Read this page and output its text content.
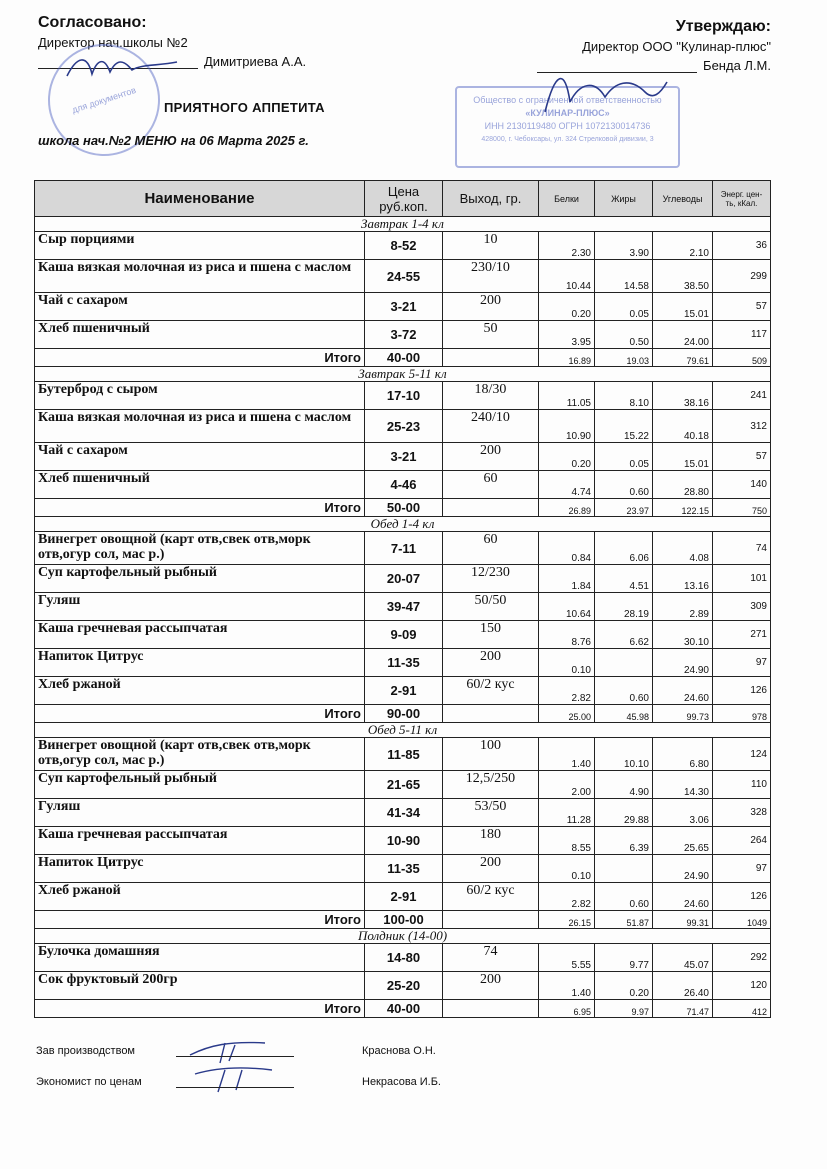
Согласовано:
Директор нач.школы №2
Димитриева А.А.
Утверждаю:
Директор ООО "Кулинар-плюс"
Бенда Л.М.
для документов	Общество с ограниченной ответственностью
«КУЛИНАР-ПЛЮС»
ИНН 2130119480 ОГРН 1072130014736
428000, г. Чебоксары, ул. 324 Стрелковой дивизии, 3
ПРИЯТНОГО АППЕТИТА
школа нач.№2 МЕНЮ на 06 Марта 2025 г.
Наименование	Цена руб.коп.	Выход, гр.	Белки	Жиры	Углеводы	Энерг. цен-ть, кКал.
Завтрак 1-4 кл						
Сыр порциями	8-52	10	2.30	3.90	2.10	36
Каша вязкая молочная из риса и пшена с маслом	24-55	230/10	10.44	14.58	38.50	299
Чай с сахаром	3-21	200	0.20	0.05	15.01	57
Хлеб пшеничный	3-72	50	3.95	0.50	24.00	117
Итого	40-00		16.89	19.03	79.61	509
Завтрак 5-11 кл						
Бутерброд с сыром	17-10	18/30	11.05	8.10	38.16	241
Каша вязкая молочная из риса и пшена с маслом	25-23	240/10	10.90	15.22	40.18	312
Чай с сахаром	3-21	200	0.20	0.05	15.01	57
Хлеб пшеничный	4-46	60	4.74	0.60	28.80	140
Итого	50-00		26.89	23.97	122.15	750
Обед 1-4 кл						
Винегрет овощной (карт отв,свек отв,морк отв,огур сол, мас р.)	7-11	60	0.84	6.06	4.08	74
Суп картофельный рыбный	20-07	12/230	1.84	4.51	13.16	101
Гуляш	39-47	50/50	10.64	28.19	2.89	309
Каша гречневая рассыпчатая	9-09	150	8.76	6.62	30.10	271
Напиток Цитрус	11-35	200	0.10		24.90	97
Хлеб ржаной	2-91	60/2 кус	2.82	0.60	24.60	126
Итого	90-00		25.00	45.98	99.73	978
Обед 5-11 кл						
Винегрет овощной (карт отв,свек отв,морк отв,огур сол, мас р.)	11-85	100	1.40	10.10	6.80	124
Суп картофельный рыбный	21-65	12,5/250	2.00	4.90	14.30	110
Гуляш	41-34	53/50	11.28	29.88	3.06	328
Каша гречневая рассыпчатая	10-90	180	8.55	6.39	25.65	264
Напиток Цитрус	11-35	200	0.10		24.90	97
Хлеб ржаной	2-91	60/2 кус	2.82	0.60	24.60	126
Итого	100-00		26.15	51.87	99.31	1049
Полдник (14-00)						
Булочка домашняя	14-80	74	5.55	9.77	45.07	292
Сок фруктовый 200гр	25-20	200	1.40	0.20	26.40	120
Итого	40-00		6.95	9.97	71.47	412
Зав производством	Краснова О.Н.
Экономист по ценам	Некрасова И.Б.
